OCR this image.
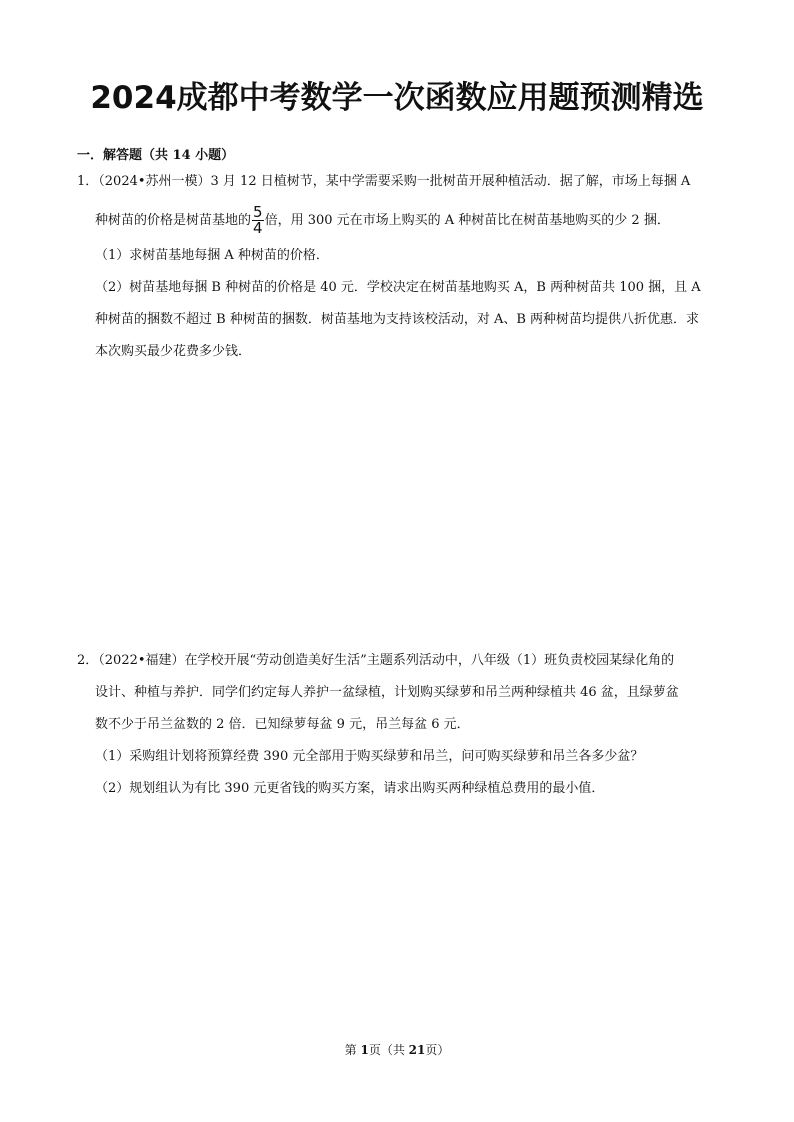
2024成都中考数学一次函数应用题预测精选
一．解答题（共 14 小题）
1．（2024•苏州一模）3 月 12 日植树节，某中学需要采购一批树苗开展种植活动．据了解，市场上每捆 A
种树苗的价格是树苗基地的 $\frac{5}{4}$ 倍，用 300 元在市场上购买的 A 种树苗比在树苗基地购买的少 2 捆．
（1）求树苗基地每捆 A 种树苗的价格．
（2）树苗基地每捆 B 种树苗的价格是 40 元．学校决定在树苗基地购买 A，B 两种树苗共 100 捆，且 A
种树苗的捆数不超过 B 种树苗的捆数．树苗基地为支持该校活动，对 A、B 两种树苗均提供八折优惠．求
本次购买最少花费多少钱．
2．（2022•福建）在学校开展“劳动创造美好生活”主题系列活动中，八年级（1）班负责校园某绿化角的
设计、种植与养护．同学们约定每人养护一盆绿植，计划购买绿萝和吊兰两种绿植共 46 盆，且绿萝盆
数不少于吊兰盆数的 2 倍．已知绿萝每盆 9 元，吊兰每盆 6 元．
（1）采购组计划将预算经费 390 元全部用于购买绿萝和吊兰，问可购买绿萝和吊兰各多少盆？
（2）规划组认为有比 390 元更省钱的购买方案，请求出购买两种绿植总费用的最小值．
第 1页（共 21页）
